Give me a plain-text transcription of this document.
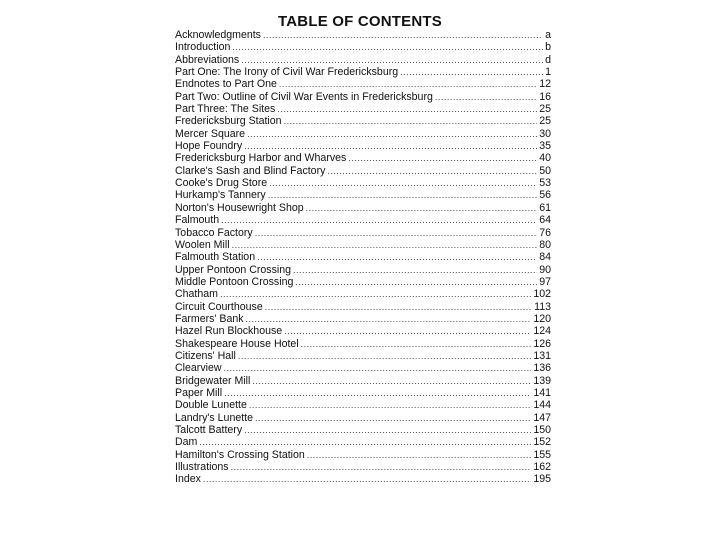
TABLE OF CONTENTS
Acknowledgments .....	a
Introduction .....	b
Abbreviations .....	d
Part One: The Irony of Civil War Fredericksburg .....	1
Endnotes to Part One .....	12
Part Two: Outline of Civil War Events in Fredericksburg .....	16
Part Three: The Sites .....	25
Fredericksburg Station .....	25
Mercer Square .....	30
Hope Foundry .....	35
Fredericksburg Harbor and Wharves .....	40
Clarke's Sash and Blind Factory .....	50
Cooke's Drug Store .....	53
Hurkamp's Tannery .....	56
Norton's Housewright Shop .....	61
Falmouth .....	64
Tobacco Factory .....	76
Woolen Mill .....	80
Falmouth Station .....	84
Upper Pontoon Crossing .....	90
Middle Pontoon Crossing .....	97
Chatham .....	102
Circuit Courthouse .....	113
Farmers' Bank .....	120
Hazel Run Blockhouse .....	124
Shakespeare House Hotel .....	126
Citizens' Hall .....	131
Clearview .....	136
Bridgewater Mill .....	139
Paper Mill .....	141
Double Lunette .....	144
Landry's Lunette .....	147
Talcott Battery .....	150
Dam .....	152
Hamilton's Crossing Station .....	155
Illustrations .....	162
Index .....	195
